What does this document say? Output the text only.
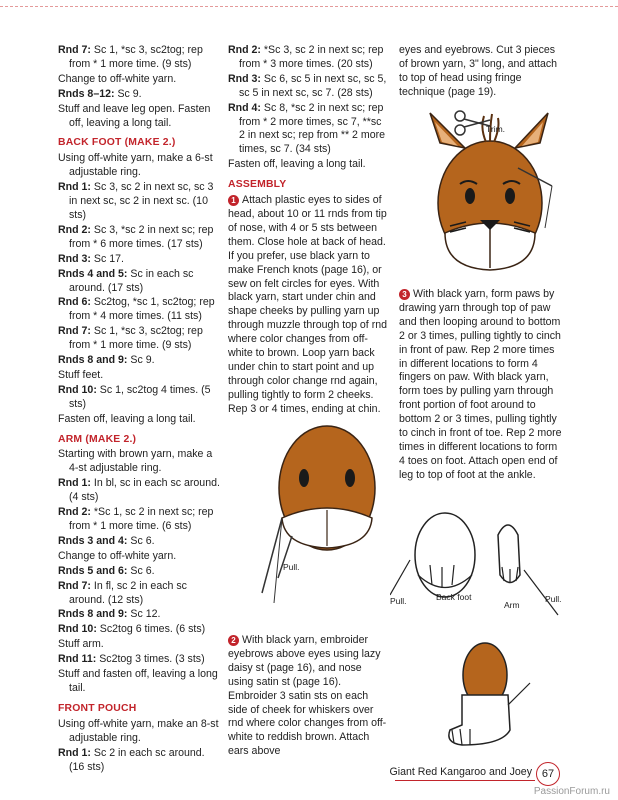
Rnd 7: Sc 1, *sc 3, sc2tog; rep from * 1 more time. (9 sts)
Change to off-white yarn.
Rnds 8–12: Sc 9.
Stuff and leave leg open. Fasten off, leaving a long tail.
BACK FOOT (MAKE 2.)
Using off-white yarn, make a 6-st adjustable ring.
Rnd 1: Sc 3, sc 2 in next sc, sc 3 in next sc, sc 2 in next sc. (10 sts)
Rnd 2: Sc 3, *sc 2 in next sc; rep from * 6 more times. (17 sts)
Rnd 3: Sc 17.
Rnds 4 and 5: Sc in each sc around. (17 sts)
Rnd 6: Sc2tog, *sc 1, sc2tog; rep from * 4 more times. (11 sts)
Rnd 7: Sc 1, *sc 3, sc2tog; rep from * 1 more time. (9 sts)
Rnds 8 and 9: Sc 9.
Stuff feet.
Rnd 10: Sc 1, sc2tog 4 times. (5 sts)
Fasten off, leaving a long tail.
ARM (MAKE 2.)
Starting with brown yarn, make a 4-st adjustable ring.
Rnd 1: In bl, sc in each sc around. (4 sts)
Rnd 2: *Sc 1, sc 2 in next sc; rep from * 1 more time. (6 sts)
Rnds 3 and 4: Sc 6.
Change to off-white yarn.
Rnds 5 and 6: Sc 6.
Rnd 7: In fl, sc 2 in each sc around. (12 sts)
Rnds 8 and 9: Sc 12.
Rnd 10: Sc2tog 6 times. (6 sts)
Stuff arm.
Rnd 11: Sc2tog 3 times. (3 sts)
Stuff and fasten off, leaving a long tail.
FRONT POUCH
Using off-white yarn, make an 8-st adjustable ring.
Rnd 1: Sc 2 in each sc around. (16 sts)
Rnd 2: *Sc 3, sc 2 in next sc; rep from * 3 more times. (20 sts)
Rnd 3: Sc 6, sc 5 in next sc, sc 5, sc 5 in next sc, sc 7. (28 sts)
Rnd 4: Sc 8, *sc 2 in next sc; rep from * 2 more times, sc 7, **sc 2 in next sc; rep from ** 2 more times, sc 7. (34 sts)
Fasten off, leaving a long tail.
ASSEMBLY
1 Attach plastic eyes to sides of head, about 10 or 11 rnds from tip of nose, with 4 or 5 sts between them. Close hole at back of head. If you prefer, use black yarn to make French knots (page 16), or sew on felt circles for eyes. With black yarn, start under chin and shape cheeks by pulling yarn up through muzzle through top of rnd where color changes from off-white to brown. Loop yarn back under chin to start point and up through color change rnd again, pulling tightly to form 2 cheeks. Rep 3 or 4 times, ending at chin.
eyes and eyebrows. Cut 3 pieces of brown yarn, 3" long, and attach to top of head using fringe technique (page 19).
Trim.
Pull.
2 With black yarn, embroider eyebrows above eyes using lazy daisy st (page 16), and nose using satin st (page 16). Embroider 3 satin sts on each side of cheek for whiskers over rnd where color changes from off-white to reddish brown. Attach ears above
3 With black yarn, form paws by drawing yarn through top of paw and then looping around to bottom 2 or 3 times, pulling tightly to cinch in front of paw. Rep 2 more times in different locations to form 4 fingers on paw. With black yarn, form toes by pulling yarn through front portion of foot around to bottom 2 or 3 times, pulling tightly to cinch in front of toe. Rep 2 more times in different locations to form 4 toes on foot. Attach open end of leg to top of foot at the ankle.
Pull.	Back foot
Arm
Pull.
Giant Red Kangaroo and Joey 67
PassionForum.ru
